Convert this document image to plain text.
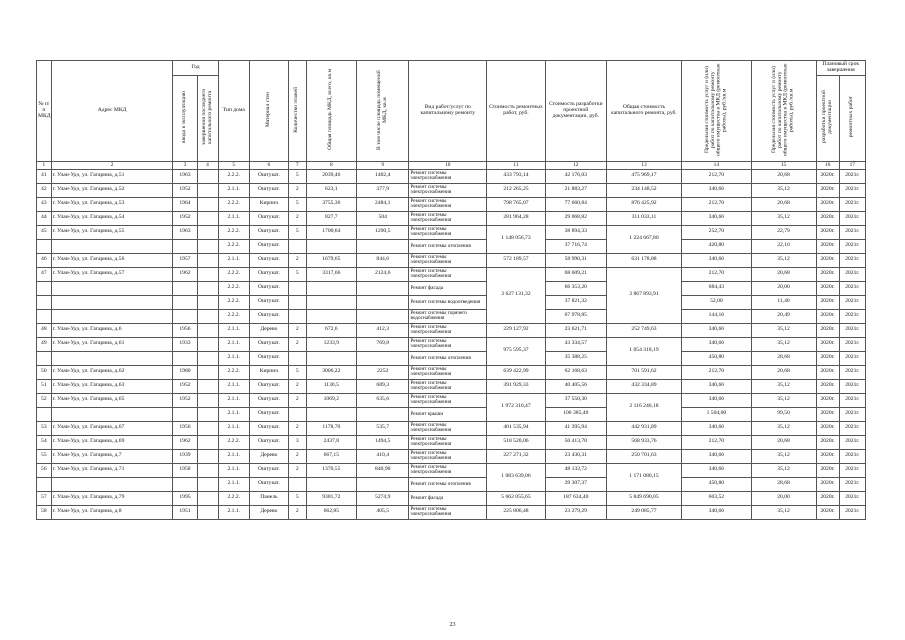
№ п/п МКД	Адрес МКД	Год		Тип дома	Материал стен	Количество этажей	Общая площадь МКД, всего, кв.м	В том числе площадь помещений МКД, кв.м	Вид работ/услуг по капитальному ремонту	Стоимость ремонтных работ, руб.	Стоимость разработки проектной документации, руб.	Общая стоимость капитального ремонта, руб.	Предельная стоимость услуг и (или) работ по капитальному ремонту общего имущества в МКД (ремонтные работы), руб./кв.м	Предельная стоимость услуг и (или) работ по капитальному ремонту общего имущества в МКД (ремонтные работы), руб./кв.м	Плановый срок завершения	
		ввода в эксплуатацию	завершения последнего капитального ремонта												разработки проектной документации	ремонтных работ
1	2	3	4	5	6	7	8	9	10	11	12	13	14	15	16	17
41	г. Улан-Удэ, ул. Гагарина, д.51	1963		2.2.2.	Оштукат.	5	2039,46	1402,4	Ремонт системы электроснабжения	433 793,14	42 176,03	475 969,17	212,70	20,68	2020г.	2021г.
42	г. Улан-Удэ, ул. Гагарина, д.52	1952		2.1.1.	Оштукат.	2	623,1	377,9	Ремонт системы электроснабжения	212 265,25	21 883,27	234 148,52	340,66	35,12	2020г.	2021г.
43	г. Улан-Удэ, ул. Гагарина, д.53	1964		2.2.2.	Кирпич	5	3755,36	2484,1	Ремонт системы электроснабжения	798 765,07	77 660,84	876 425,92	212,70	20,68	2020г.	2021г.
44	г. Улан-Удэ, ул. Гагарина, д.54	1952		2.1.1.	Оштукат.	2	827,7	504	Ремонт системы электроснабжения	281 964,28	29 068,82	311 033,11	340,66	35,12	2020г.	2021г.
45	г. Улан-Удэ, ул. Гагарина, д.55	1963		2.2.2.	Оштукат.	5	1700,64	1290,5	Ремонт системы электроснабжения	1 148 056,73	38 894,33	1 224 667,80	252,70	22,79	2020г.	2021г.
				2.2.2.	Оштукат.				Ремонт системы отопления		37 716,74		420,80	22,10	2020г.	2021г.
46	г. Улан-Удэ, ул. Гагарина, д.56	1957		2.1.1.	Оштукат.	2	1679,65	844,6	Ремонт системы электроснабжения	572 189,57	58 990,31	631 178,88	340,66	35,12	2020г.	2021г.
47	г. Улан-Удэ, ул. Гагарина, д.57	1962		2.2.2.	Оштукат.	5	3317,66	2124,6	Ремонт системы электроснабжения	3 627 131,32	68 609,21	3 867 893,91	212,70	20,68	2020г.	2021г.
				2.2.2.	Оштукат.				Ремонт фасада		66 353,20		684,43	20,00	2020г.	2021г.
				2.2.2.	Оштукат.				Ремонт системы водоотведения		37 821,32		52,00	11,40	2020г.	2021г.
				2.2.2.	Оштукат.				Ремонт системы горячего водоснабжения		67 978,85		144,16	20,49	2020г.	2021г.
48	г. Улан-Удэ, ул. Гагарина, д.6	1956		2.1.1.	Дерево	2	672,6	412,3	Ремонт системы электроснабжения	229 127,92	23 621,71	252 749,63	340,66	35,12	2020г.	2021г.
49	г. Улан-Удэ, ул. Гагарина, д.61	1933		2.1.1.	Оштукат.	2	1233,9	769,8	Ремонт системы электроснабжения	975 595,37	43 334,57	1 054 318,19	340,66	35,12	2020г.	2021г.
				2.1.1.	Оштукат.				Ремонт системы отопления		35 388,25		450,80	28,68	2020г.	2021г.
50	г. Улан-Удэ, ул. Гагарина, д.62	1980		2.2.2.	Кирпич	5	3006,22	2252	Ремонт системы электроснабжения	639 422,99	62 168,63	701 591,62	212,70	20,68	2020г.	2021г.
51	г. Улан-Удэ, ул. Гагарина, д.63	1952		2.1.1.	Оштукат.	2	1130,5	689,3	Ремонт системы электроснабжения	391 929,33	40 405,56	432 334,89	340,66	35,12	2020г.	2021г.
52	г. Улан-Удэ, ул. Гагарина, д.65	1952		2.1.1.	Оштукат.	2	1069,2	635,6	Ремонт системы электроснабжения	1 972 310,47	37 550,30	2 116 246,18	340,66	35,12	2020г.	2021г.
				2.1.1.	Оштукат.				Ремонт крыши		106 385,40		1 504,00	99,50	2020г.	2021г.
53	г. Улан-Удэ, ул. Гагарина, д.67	1956		2.1.1.	Оштукат.	2	1178,70	535,7	Ремонт системы электроснабжения	401 535,94	41 395,94	442 931,89	340,66	35,12	2020г.	2021г.
54	г. Улан-Удэ, ул. Гагарина, д.69	1962		2.2.2.	Оштукат.	3	2437,8	1494,5	Ремонт системы электроснабжения	518 520,06	50 413,70	568 933,76	212,70	20,68	2020г.	2021г.
55	г. Улан-Удэ, ул. Гагарина, д.7	1939		2.1.1.	Дерево	2	667,15	410,4	Ремонт системы электроснабжения	227 271,32	23 430,31	250 701,63	340,66	35,12	2020г.	2021г.
56	г. Улан-Удэ, ул. Гагарина, д.71	1958		2.1.1.	Оштукат.	2	1370,55	840,90	Ремонт системы электроснабжения	1 083 639,06	48 133,72	1 171 080,15	340,66	35,12	2020г.	2021г.
				2.1.1.	Оштукат.				Ремонт системы отопления		39 307,37		450,80	28,68	2020г.	2021г.
57	г. Улан-Удэ, ул. Гагарина, д.79	1995		2.2.2.	Панель	5	9381,72	5274,9	Ремонт фасада	5 662 055,65	187 634,40	5 849 690,05	603,52	20,00	2020г.	2021г.
58	г. Улан-Удэ, ул. Гагарина, д.8	1951		2.1.1.	Дерево	2	662,85	405,5	Ремонт системы электроснабжения	225 806,48	23 279,29	249 085,77	340,66	35,12	2020г.	2021г.
23
